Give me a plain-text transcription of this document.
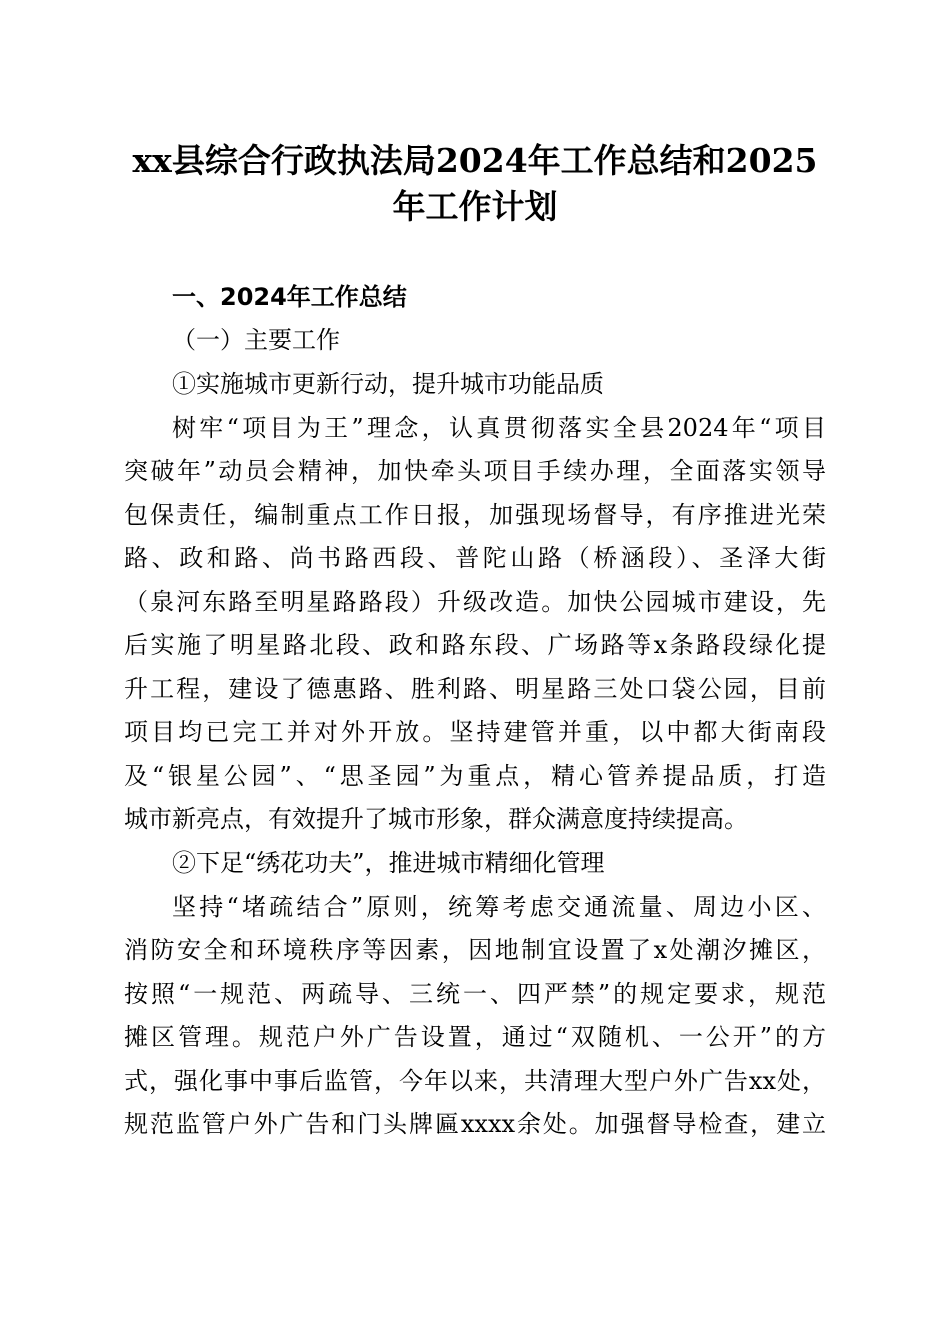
xx县综合行政执法局2024年工作总结和2025
年工作计划

一、2024年工作总结

（一）主要工作

①实施城市更新行动，提升城市功能品质

树牢“项目为王”理念，认真贯彻落实全县2024年“项目

突破年”动员会精神，加快牵头项目手续办理，全面落实领导

包保责任，编制重点工作日报，加强现场督导，有序推进光荣

路、政和路、尚书路西段、普陀山路（桥涵段）、圣泽大街

（泉河东路至明星路路段）升级改造。加快公园城市建设，先

后实施了明星路北段、政和路东段、广场路等x条路段绿化提

升工程，建设了德惠路、胜利路、明星路三处口袋公园，目前

项目均已完工并对外开放。坚持建管并重，以中都大街南段

及“银星公园”、“思圣园”为重点，精心管养提品质，打造

城市新亮点，有效提升了城市形象，群众满意度持续提高。

②下足“绣花功夫”，推进城市精细化管理

坚持“堵疏结合”原则，统筹考虑交通流量、周边小区、

消防安全和环境秩序等因素，因地制宜设置了x处潮汐摊区，

按照“一规范、两疏导、三统一、四严禁”的规定要求，规范

摊区管理。规范户外广告设置，通过“双随机、一公开”的方

式，强化事中事后监管，今年以来，共清理大型户外广告xx处，

规范监管户外广告和门头牌匾xxxx余处。加强督导检查，建立
